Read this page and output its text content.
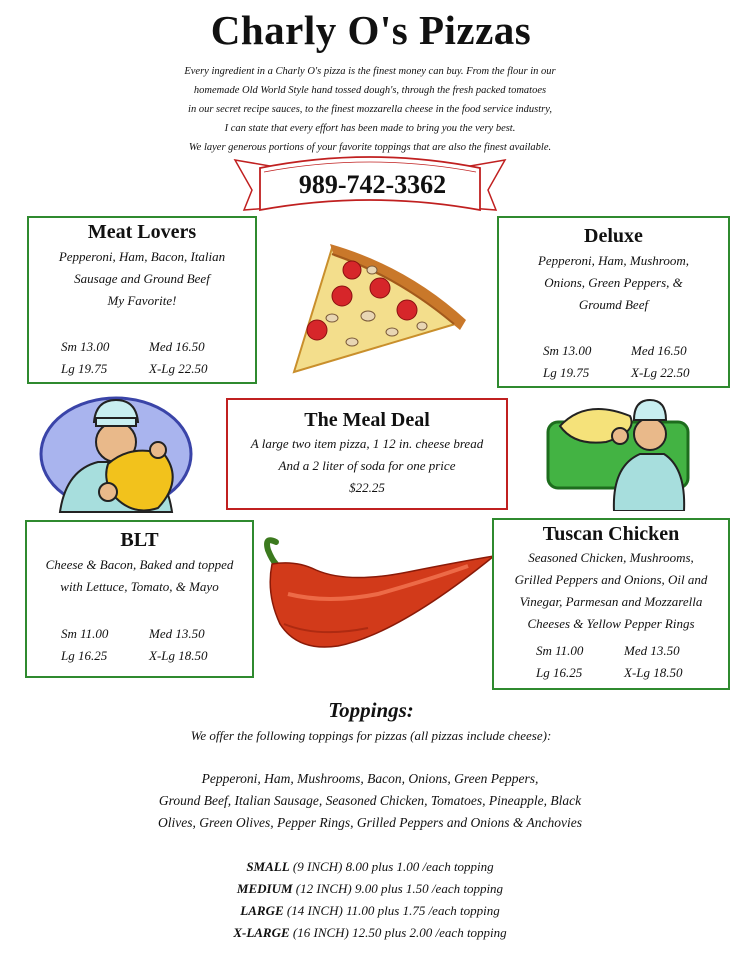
Charly O's Pizzas
Every ingredient in a Charly O's pizza is the finest money can buy. From the flour in our
homemade Old World Style hand tossed dough's, through the fresh packed tomatoes
in our secret recipe sauces, to the finest mozzarella cheese in the food service industry,
I can state that every effort has been made to bring you the very best.
We layer generous portions of your favorite toppings that are also the finest available.
989-742-3362
Meat Lovers
Pepperoni, Ham, Bacon, Italian
Sausage and Ground Beef
My Favorite!
Sm 13.00	Med 16.50
Lg 19.75	X-Lg 22.50
Deluxe
Pepperoni, Ham, Mushroom,
Onions, Green Peppers, &
Groumd Beef
Sm 13.00	Med 16.50
Lg 19.75	X-Lg 22.50
The Meal Deal
A large two item pizza, 1 12 in. cheese bread
And a 2 liter of soda for one price
$22.25
BLT
Cheese & Bacon, Baked and topped
with Lettuce, Tomato, & Mayo
Sm 11.00	Med 13.50
Lg 16.25	X-Lg 18.50
Tuscan Chicken
Seasoned Chicken, Mushrooms,
Grilled Peppers and Onions, Oil and
Vinegar, Parmesan and Mozzarella
Cheeses & Yellow Pepper Rings
Sm 11.00	Med 13.50
Lg 16.25	X-Lg 18.50
Toppings:
We offer the following toppings for pizzas (all pizzas include cheese):
Pepperoni, Ham, Mushrooms, Bacon, Onions, Green Peppers,
Ground Beef, Italian Sausage, Seasoned Chicken, Tomatoes, Pineapple, Black
Olives, Green Olives, Pepper Rings, Grilled Peppers and Onions & Anchovies
SMALL (9 INCH) 8.00 plus 1.00 /each topping
MEDIUM (12 INCH) 9.00 plus 1.50 /each topping
LARGE (14 INCH) 11.00 plus 1.75 /each topping
X-LARGE (16 INCH) 12.50 plus 2.00 /each topping
